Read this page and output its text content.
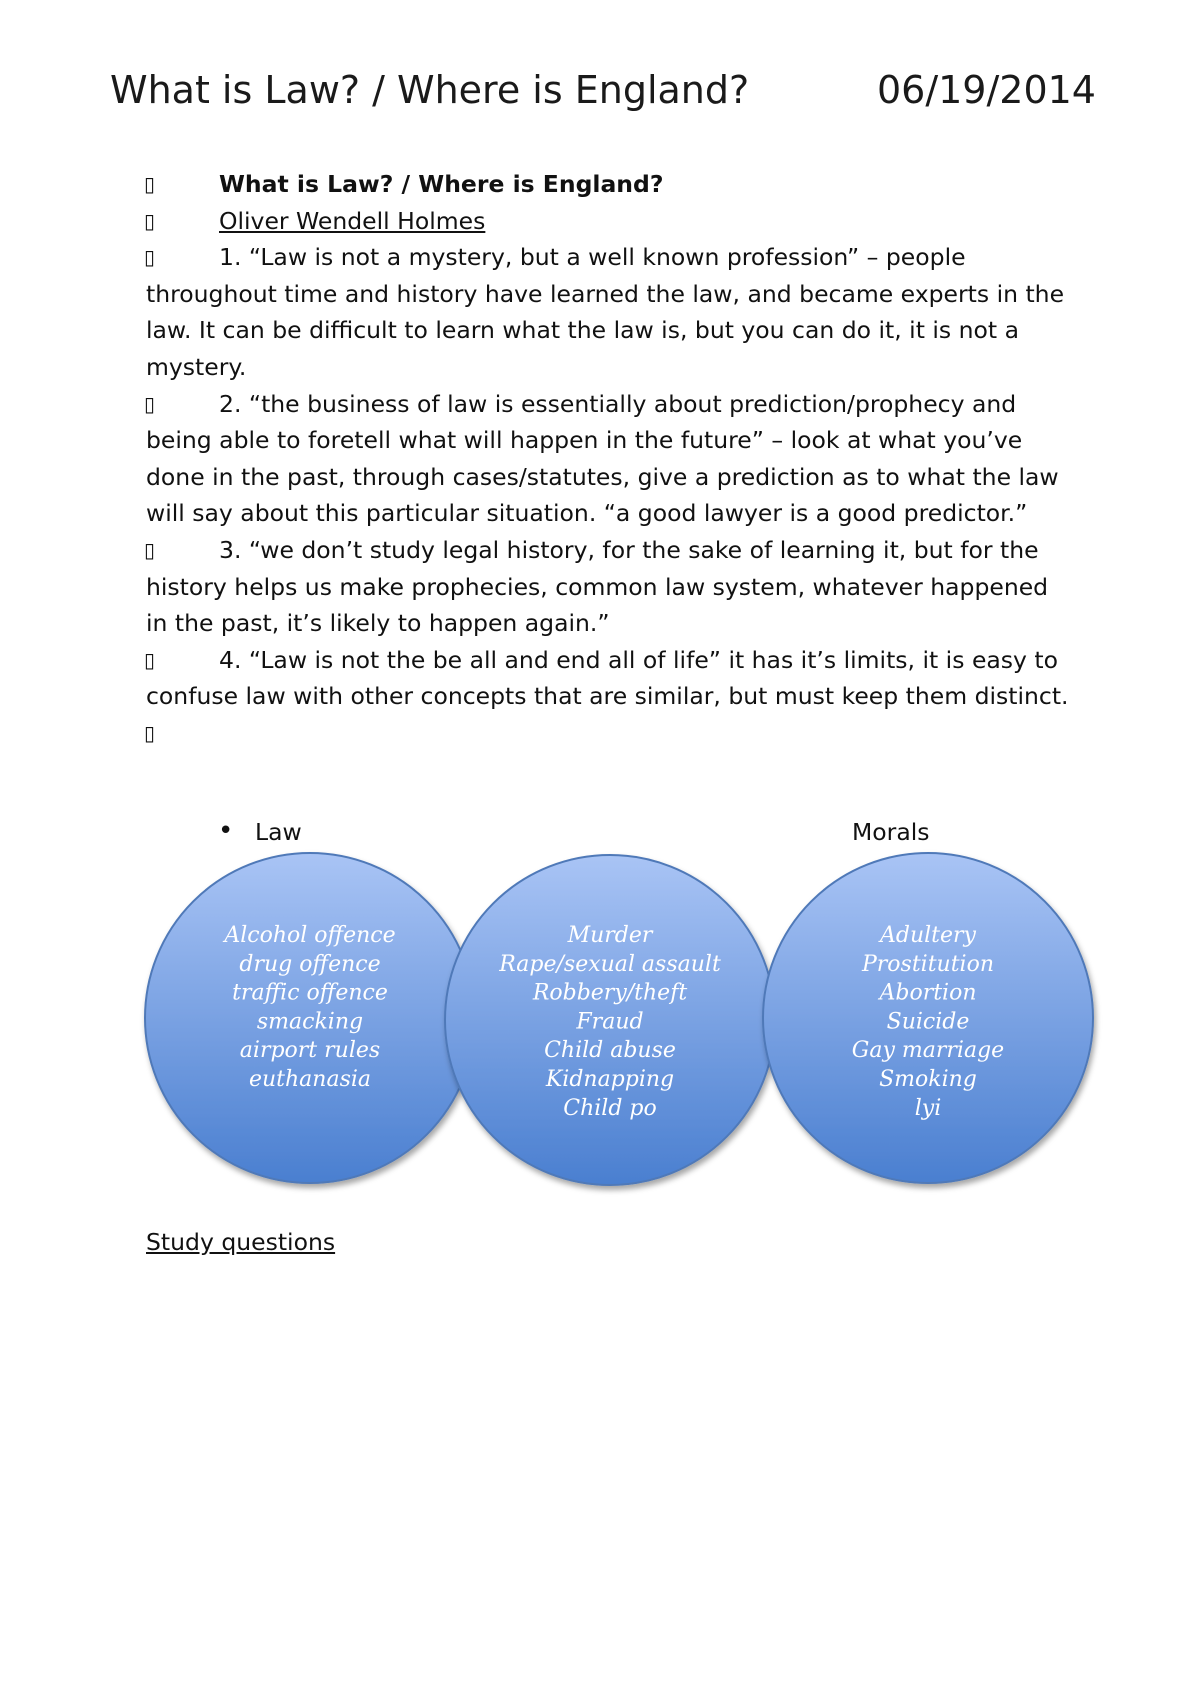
What is Law? / Where is England?	06/19/2014
▯	What is Law? / Where is England?
▯	Oliver Wendell Holmes
▯	1. “Law is not a mystery, but a well known profession” – people throughout time and history have learned the law, and became experts in the law. It can be difficult to learn what the law is, but you can do it, it is not a mystery.
▯	2. “the business of law is essentially about prediction/prophecy and being able to foretell what will happen in the future” – look at what you’ve done in the past, through cases/statutes, give a prediction as to what the law will say about this particular situation. “a good lawyer is a good predictor.”
▯	3. “we don’t study legal history, for the sake of learning it, but for the history helps us make prophecies, common law system, whatever happened in the past, it’s likely to happen again.”
▯	4. “Law is not the be all and end all of life” it has it’s limits, it is easy to confuse law with other concepts that are similar, but must keep them distinct.
▯

• Law	Morals
Alcohol offence
drug offence
traffic offence
smacking
airport rules
euthanasia
Murder
Rape/sexual assault
Robbery/theft
Fraud
Child abuse
Kidnapping
Child po
Adultery
Prostitution
Abortion
Suicide
Gay marriage
Smoking
lyi
Study questions
